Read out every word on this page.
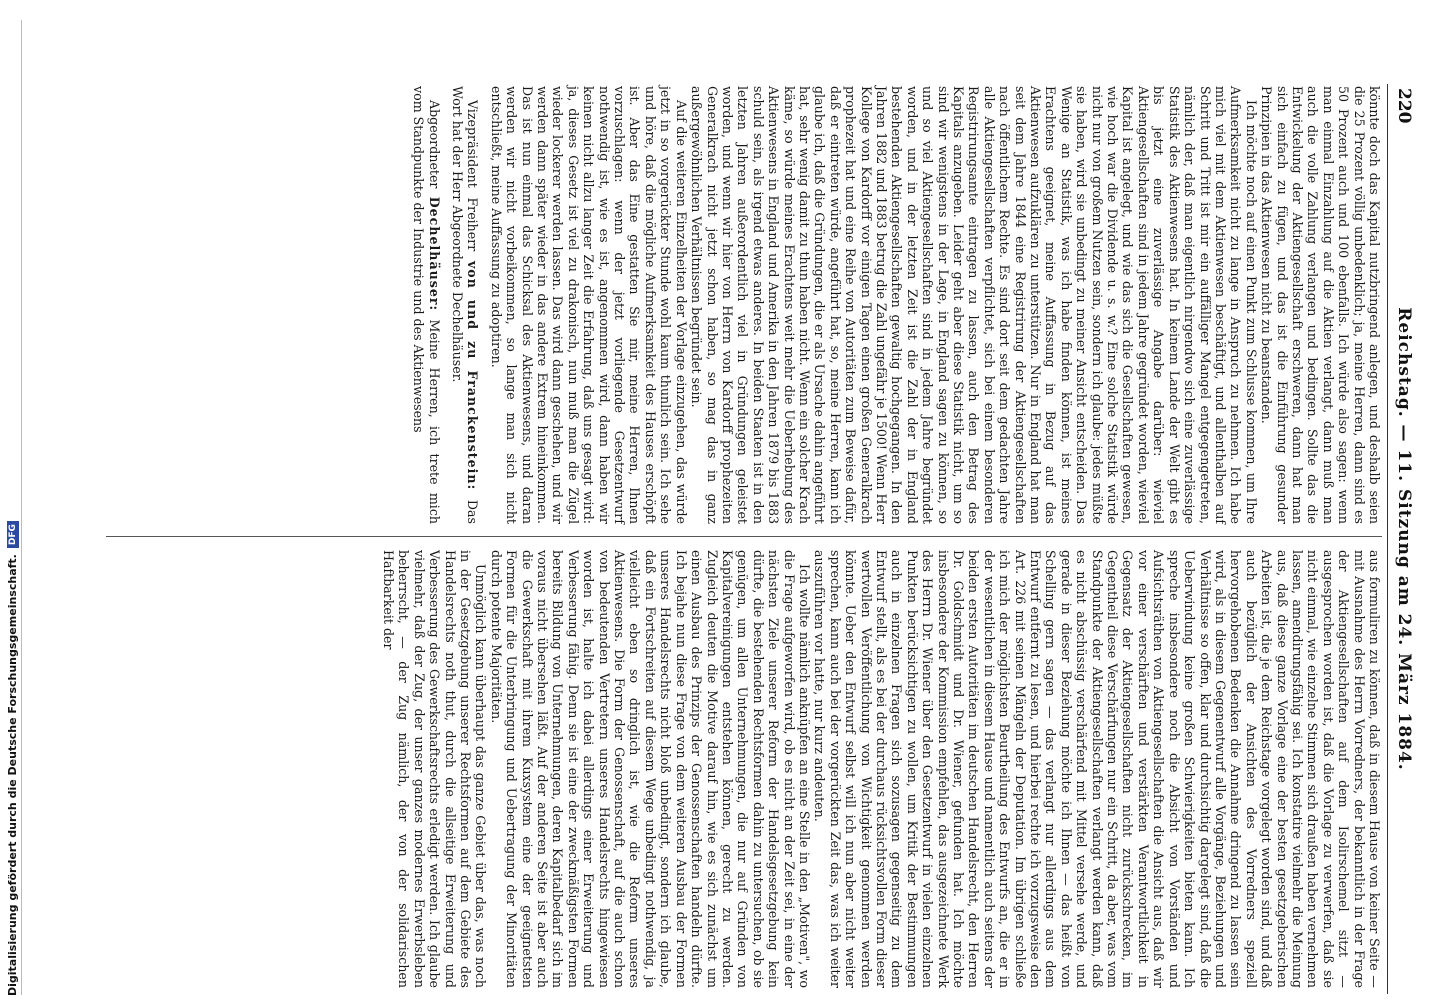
220
Reichstag. — 11. Sitzung am 24. März 1884.

könnte doch das Kapital nutzbringend anlegen, und deshalb seien die 25 Prozent völlig unbedenklich; ja, meine Herren, dann sind es 50 Prozent auch und 100 ebenfalls. Ich würde also sagen: wenn man einmal Einzahlung auf die Aktien verlangt, dann muß man auch die volle Zahlung verlangen und bedingen. Sollte das die Entwickelung der Aktiengesellschaft erschweren, dann hat man sich einfach zu fügen, und das ist die Einführung gesunder Prinzipien in das Aktienwesen nicht zu beanstanden.

Ich möchte noch auf einen Punkt zum Schlusse kommen, um Ihre Aufmerksamkeit nicht zu lange in Anspruch zu nehmen. Ich habe mich viel mit dem Aktienwesen beschäftigt, und allenthalben auf Schritt und Tritt ist mir ein auffälliger Mangel entgegengetreten, nämlich der, daß man eigentlich nirgendwo sich eine zuverlässige Statistik des Aktienwesens hat. In keinem Lande der Welt gibt es bis jetzt eine zuverlässige Angabe darüber: wieviel Aktiengesellschaften sind in jedem Jahre gegründet worden, wieviel Kapital ist angelegt, und wie das sich die Gesellschaften gewesen, wie hoch war die Dividende u. s. w.? Eine solche Statistik würde nicht nur von großem Nutzen sein, sondern ich glaube: jedes müßte sie haben, wird sie unbedingt zu meiner Ansicht entscheiden. Das Wenige an Statistik, was ich habe finden können, ist meines Erachtens geeignet, meine Auffassung in Bezug auf das Aktienwesen aufzuklären zu unterstützen. Nur in England hat man seit dem Jahre 1844 eine Registrirung der Aktiengesellschaften nach öffentlichem Rechte. Es sind dort seit dem gedachten Jahre alle Aktiengesellschaften verpflichtet, sich bei einem besonderen Registrirungsamte eintragen zu lassen, auch den Betrag des Kapitals anzugeben. Leider geht aber diese Statistik nicht, um so sind wir wenigstens in der Lage, in England sagen zu können, so und so viel Aktiengesellschaften sind in jedem Jahre begründet worden, und in der letzten Zeit ist die Zahl der in England bestehenden Aktiengesellschaften gewaltig hochgegangen. In den Jahren 1882 und 1883 betrug die Zahl ungefähr je 1500! Wenn Herr Kollege von Kardorff vor einigen Tagen einen großen Generalkrach prophezeit hat und eine Reihe von Autoritäten zum Beweise dafür, daß er eintreten würde, angeführt hat, so, meine Herren, kann ich glaube ich, daß die Gründungen, die er als Ursache dahin angeführt hat, sehr wenig damit zu thun haben nicht. Wenn ein solcher Krach käme, so würde meines Erachtens weit mehr die Ueberhebung des Aktienwesens in England und Amerika in den Jahren 1879 bis 1883 schuld sein, als irgend etwas anderes. In beiden Staaten ist in den letzten Jahren außerordentlich viel in Gründungen geleistet worden, und wenn wir hier von Herrn von Kardorff prophezeiten Generalkrach nicht jetzt schon haben, so mag das in ganz außergewöhnlichen Verhältnissen begründet sein.

Auf die weiteren Einzelheiten der Vorlage einzugehen, das würde jetzt in so vorgerückter Stunde wohl kaum thunlich sein. Ich sehe und höre, daß die mögliche Aufmerksamkeit des Hauses erschöpft ist. Aber das Eine gestatten Sie mir, meine Herren, Ihnen vorzuschlagen: wenn der jetzt vorliegende Gesetzentwurf nothwendig ist, wie es ist, angenommen wird, dann haben wir keinen nicht allzu langer Zeit die Erfahrung, daß uns gesagt wird: ja, dieses Gesetz ist viel zu drakonisch, nun muß man die Zügel wieder lockerer werden lassen. Das wird dann geschehen, und wir werden dann später wieder in das andere Extrem hineinkommen. Das ist nun einmal das Schicksal des Aktienwesens, und daran werden wir nicht vorbeikommen, so lange man sich nicht entschließt, meine Auffassung zu adoptiren.

Vizepräsident Freiherr von und zu Franckenstein: Das Wort hat der Herr Abgeordnete Dechelhäuser.

Abgeordneter Dechelhäuser: Meine Herren, ich trete mich vom Standpunkte der Industrie und des Aktienwesens

aus formuliren zu können, daß in diesem Hause von keiner Seite — mit Ausnahme des Herrn Vorredners, der bekanntlich in der Frage der Aktiengesellschaften auf dem Isolirschemel sitzt — ausgesprochen worden ist, daß die Vorlage zu verwerfen, daß sie nicht einmal, wie einzelne Stimmen sich draußen haben vernehmen lassen, amendirungsfähig sei. Ich konstatire vielmehr die Meinung aus, daß diese ganze Vorlage eine der besten gesetzgeberischen Arbeiten ist, die je dem Reichstage vorgelegt worden sind, und daß auch bezüglich der Ansichten des Vorredners speziell hervorgehobenen Bedenken die Annahme dringend zu lassen sein wird, als in diesem Gegenentwurf alle Vorgänge, Beziehungen und Verhältnisse so offen, klar und durchsichtig dargelegt sind, daß die Ueberwindung keine großen Schwierigkeiten bieten kann. Ich spreche insbesondere noch die Absicht von Vorständen und Aufsichtsräthen von Aktiengesellschaften die Ansicht aus, daß wir vor einer verschärften und verstärkten Verantwortlichkeit in Gegensatz der Aktiengesellschaften nicht zurückschrecken, im Gegentheil diese Verschärfungen nur ein Schritt, da aber, was vom Standpunkte der Aktiengesellschaften verlangt werden kann, daß es nicht abschüssig verschärfend mit Mittel versehe werde, und gerade in dieser Beziehung möchte ich Ihnen — das heißt von Schelling gern sagen — das verlangt nur allerdings aus dem Entwurf entfernt zu lesen, und hierbei rechte ich vorzugsweise den Art. 226 mit seinen Mängeln der Deputation. Im übrigen schließe ich mich der möglichsten Beurtheilung des Entwurfs an, die er in der wesentlichen in diesem Hause und namentlich auch seitens der beiden ersten Autoritäten im deutschen Handelsrecht, den Herren Dr. Goldschmidt und Dr. Wiener, gefunden hat. Ich möchte insbesondere der Kommission empfehlen, das ausgezeichnete Werk des Herrn Dr. Wiener über den Gesetzentwurf in vielen einzelnen Punkten berücksichtigen zu wollen, um Kritik der Bestimmungen auch in einzelnen Fragen sich sozusagen gegenseitig zu dem Entwurf stellt, als es bei der durchaus rücksichtsvollen Form dieser wertvollen Veröffentlichung von Wichtigkeit genommen werden könnte. Ueber den Entwurf selbst will ich nun aber nicht weiter sprechen, kann auch bei der vorgerückten Zeit das, was ich weiter auszuführen vor hatte, nur kurz andeuten.

Ich wollte nämlich anknüpfen an eine Stelle in den „Motiven", wo die Frage aufgeworfen wird, ob es nicht an der Zeit sei, in eine der nächsten Ziele unserer Reform der Handelsgesetzgebung kein dürfte, die bestehenden Rechtsformen dahin zu untersuchen, ob sie genügen, um allen Unternehmungen, die nur auf Gründen von Kapitalvereinigungen entstehen können, gerecht zu werden. Zugleich deuten die Motive darauf hin, wie es sich zunächst um einen Ausbau des Prinzips der Genossenschaften handeln dürfte. Ich bejahe nun diese Frage von dem weiteren Ausbau der Formen unseres Handelsrechts nicht bloß unbedingt, sondern ich glaube, daß ein Fortschreiten auf diesem Wege unbedingt nothwendig, ja vielleicht eben so dringlich ist, wie die Reform unseres Aktienwesens. Die Form der Genossenschaft, auf die auch schon von bedeutenden Vertretern unseres Handelsrechts hingewiesen worden ist, halte ich dabei allerdings einer Erweiterung und Verbesserung fähig. Denn sie ist eine der zweckmäßigsten Formen bereits Bildung von Unternehmungen, deren Kapitalbedarf sich im voraus nicht übersehen läßt. Auf der anderen Seite ist aber auch die Gewerkschaft mit ihrem Kuxsystem eine der geeignetsten Formen für die Unterbringung und Uebertragung der Minoritäten durch potente Majoritäten.

Unmöglich kann überhaupt das ganze Gebiet über das, was noch in der Gesetzgebung unserer Rechtsformen auf dem Gebiete des Handelsrechts noth thut, durch die allseitige Erweiterung und Verbesserung des Gewerkschaftsrechts erledigt werden. Ich glaube vielmehr, daß der Zug, der unser ganzes modernes Erwerbsleben beherrscht, — der Zug nämlich, der von der solidarischen Haftbarkeit der

Digitalisierung gefördert durch die Deutsche Forschungsgemeinschaft.DFG
